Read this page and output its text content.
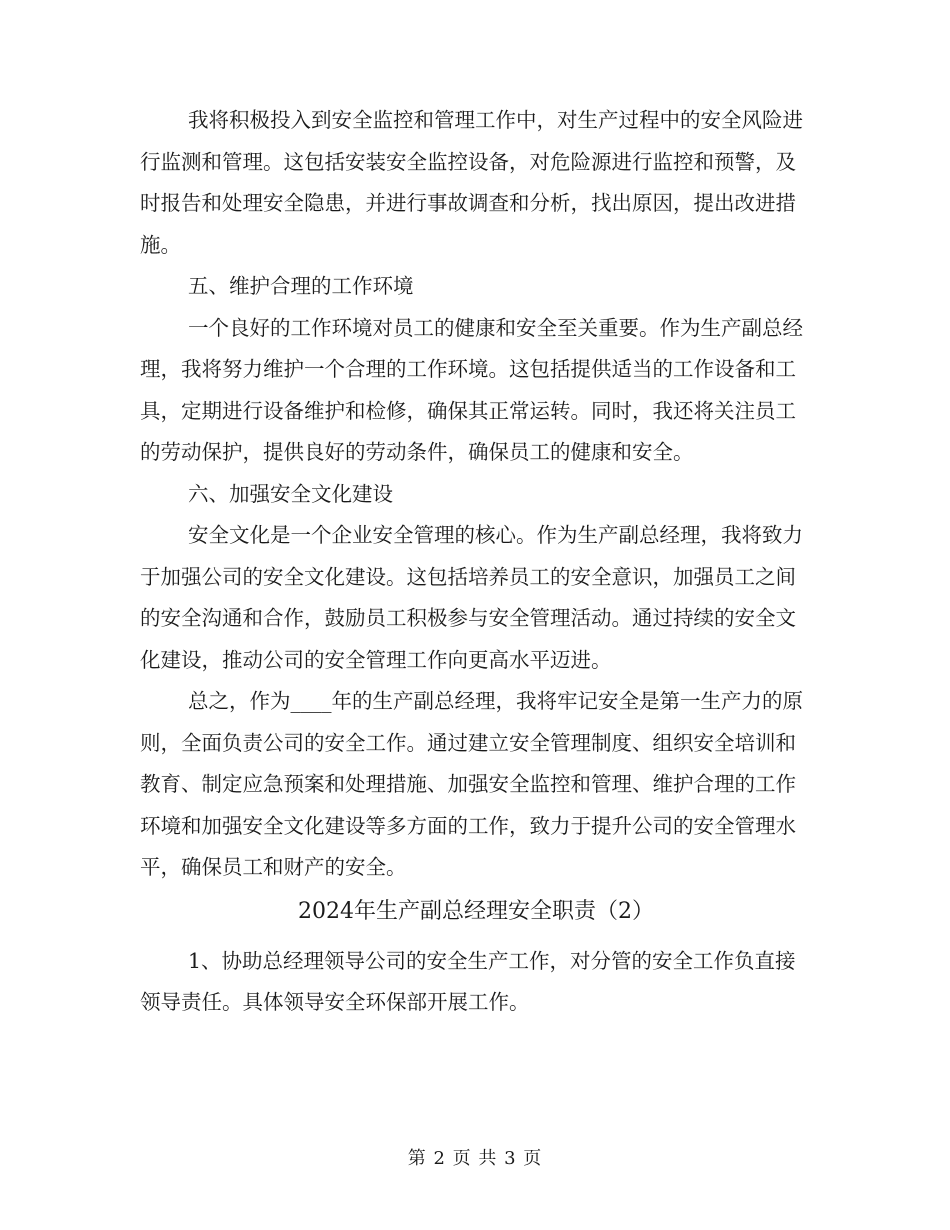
我将积极投入到安全监控和管理工作中，对生产过程中的安全风险进行监测和管理。这包括安装安全监控设备，对危险源进行监控和预警，及时报告和处理安全隐患，并进行事故调查和分析，找出原因，提出改进措施。

五、维护合理的工作环境

一个良好的工作环境对员工的健康和安全至关重要。作为生产副总经理，我将努力维护一个合理的工作环境。这包括提供适当的工作设备和工具，定期进行设备维护和检修，确保其正常运转。同时，我还将关注员工的劳动保护，提供良好的劳动条件，确保员工的健康和安全。

六、加强安全文化建设

安全文化是一个企业安全管理的核心。作为生产副总经理，我将致力于加强公司的安全文化建设。这包括培养员工的安全意识，加强员工之间的安全沟通和合作，鼓励员工积极参与安全管理活动。通过持续的安全文化建设，推动公司的安全管理工作向更高水平迈进。

总之，作为____年的生产副总经理，我将牢记安全是第一生产力的原则，全面负责公司的安全工作。通过建立安全管理制度、组织安全培训和教育、制定应急预案和处理措施、加强安全监控和管理、维护合理的工作环境和加强安全文化建设等多方面的工作，致力于提升公司的安全管理水平，确保员工和财产的安全。

2024年生产副总经理安全职责（2）

1、协助总经理领导公司的安全生产工作，对分管的安全工作负直接领导责任。具体领导安全环保部开展工作。

第 2 页 共 3 页
